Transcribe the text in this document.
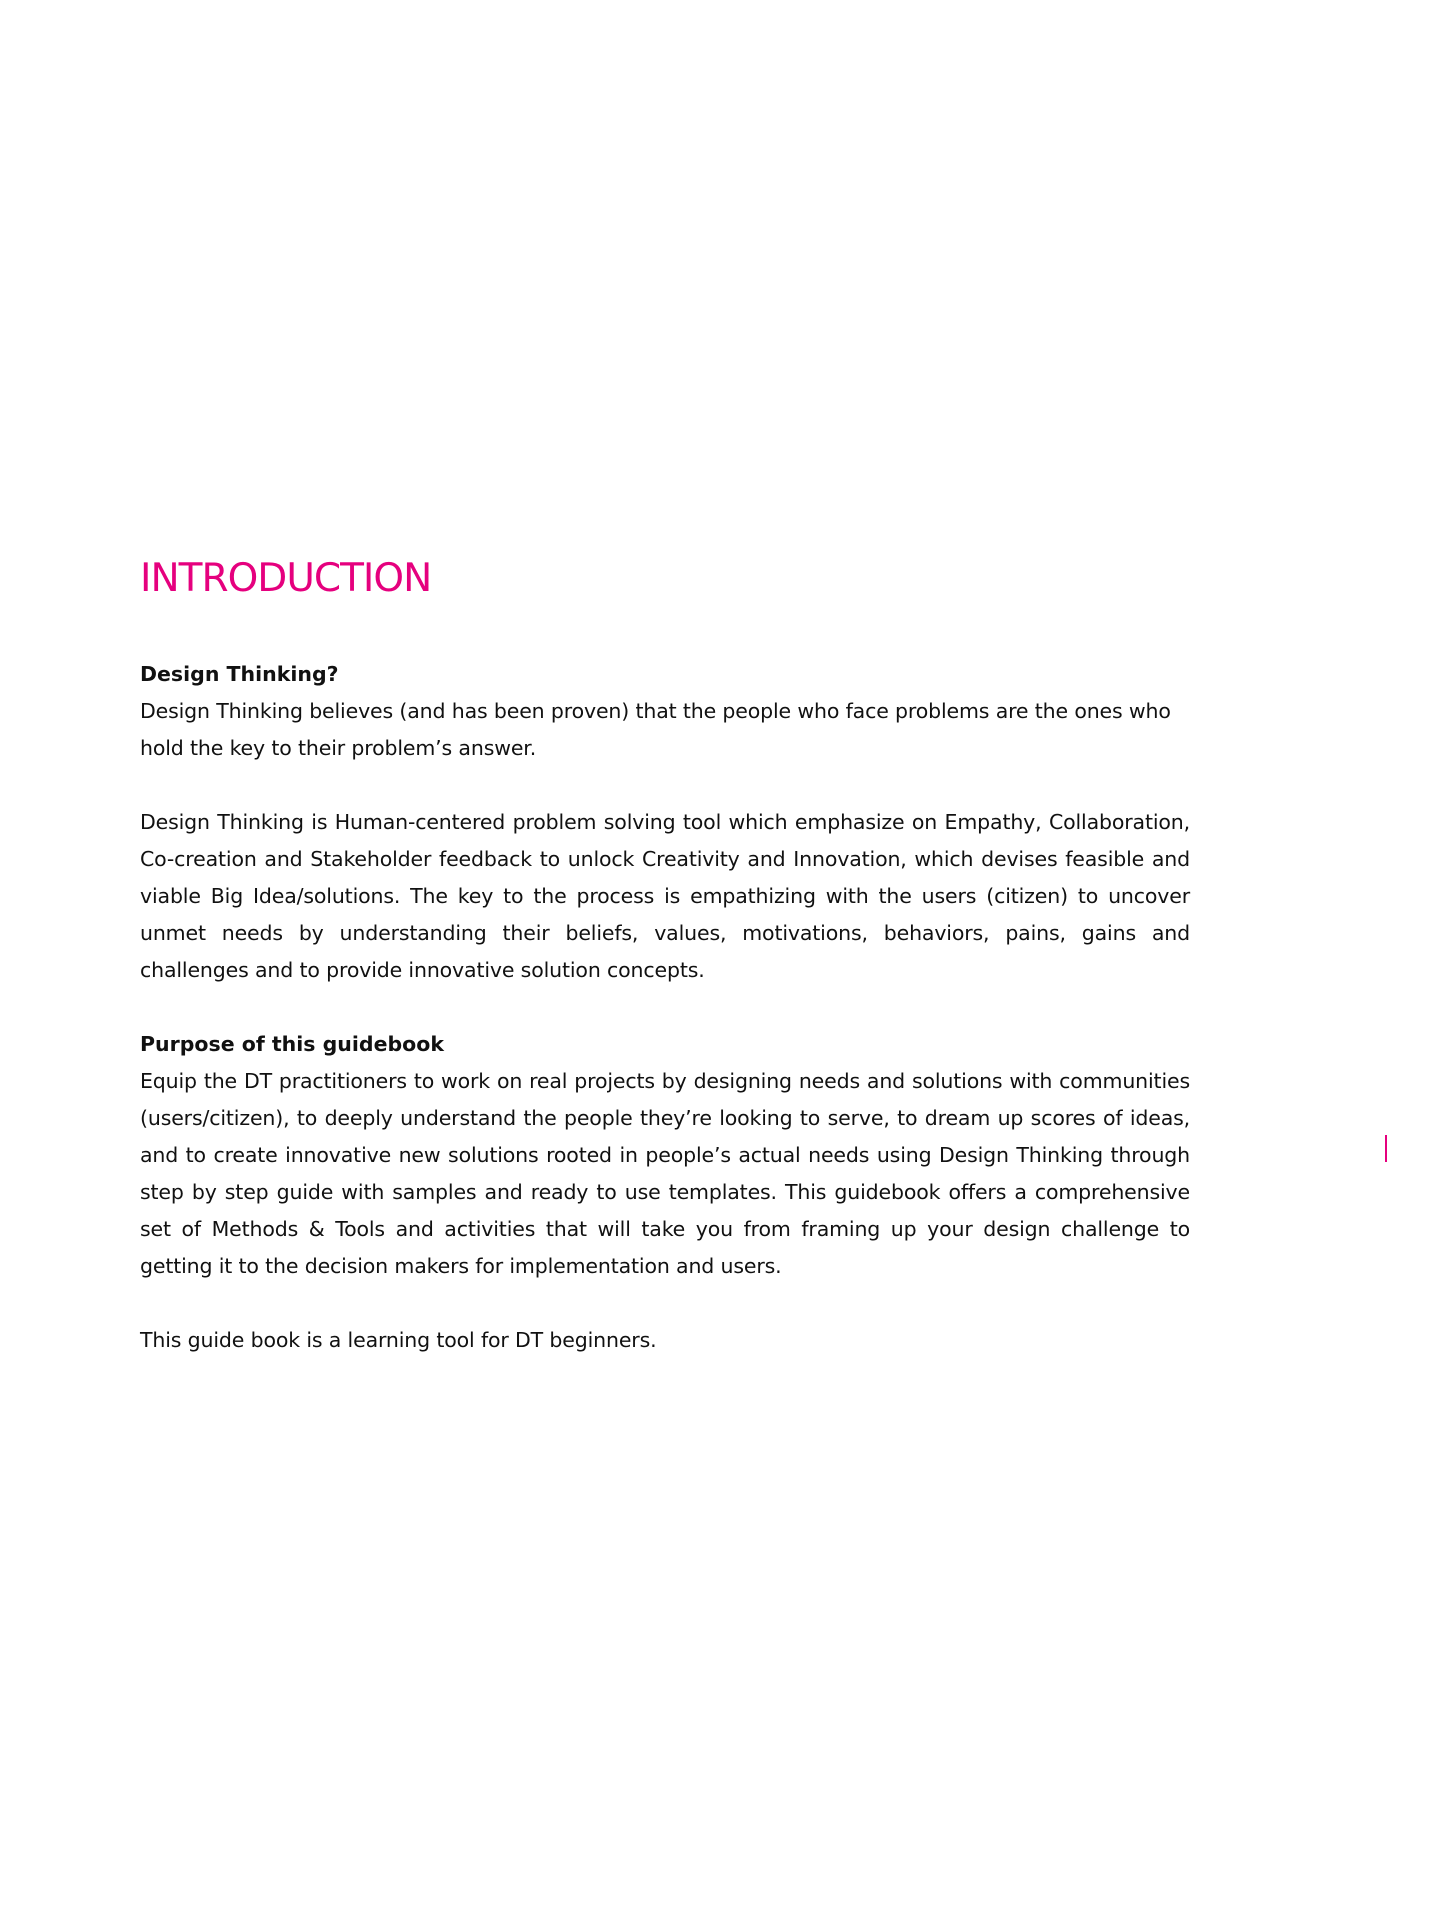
INTRODUCTION
Design Thinking?

Design Thinking believes (and has been proven) that the people who face problems are the ones who hold the key to their problem’s answer.

Design Thinking is Human-centered problem solving tool which emphasize on Empathy, Collaboration, Co-creation and Stakeholder feedback to unlock Creativity and Innovation, which devises feasible and viable Big Idea/solutions. The key to the process is empathizing with the users (citizen) to uncover unmet needs by understanding their beliefs, values, motivations, behaviors, pains, gains and challenges and to provide innovative solution concepts.

Purpose of this guidebook

Equip the DT practitioners to work on real projects by designing needs and solutions with communities (users/citizen), to deeply understand the people they’re looking to serve, to dream up scores of ideas, and to create innovative new solutions rooted in people’s actual needs using Design Thinking through step by step guide with samples and ready to use templates. This guidebook offers a comprehensive set of Methods & Tools and activities that will take you from framing up your design challenge to getting it to the decision makers for implementation and users.

This guide book is a learning tool for DT beginners.
